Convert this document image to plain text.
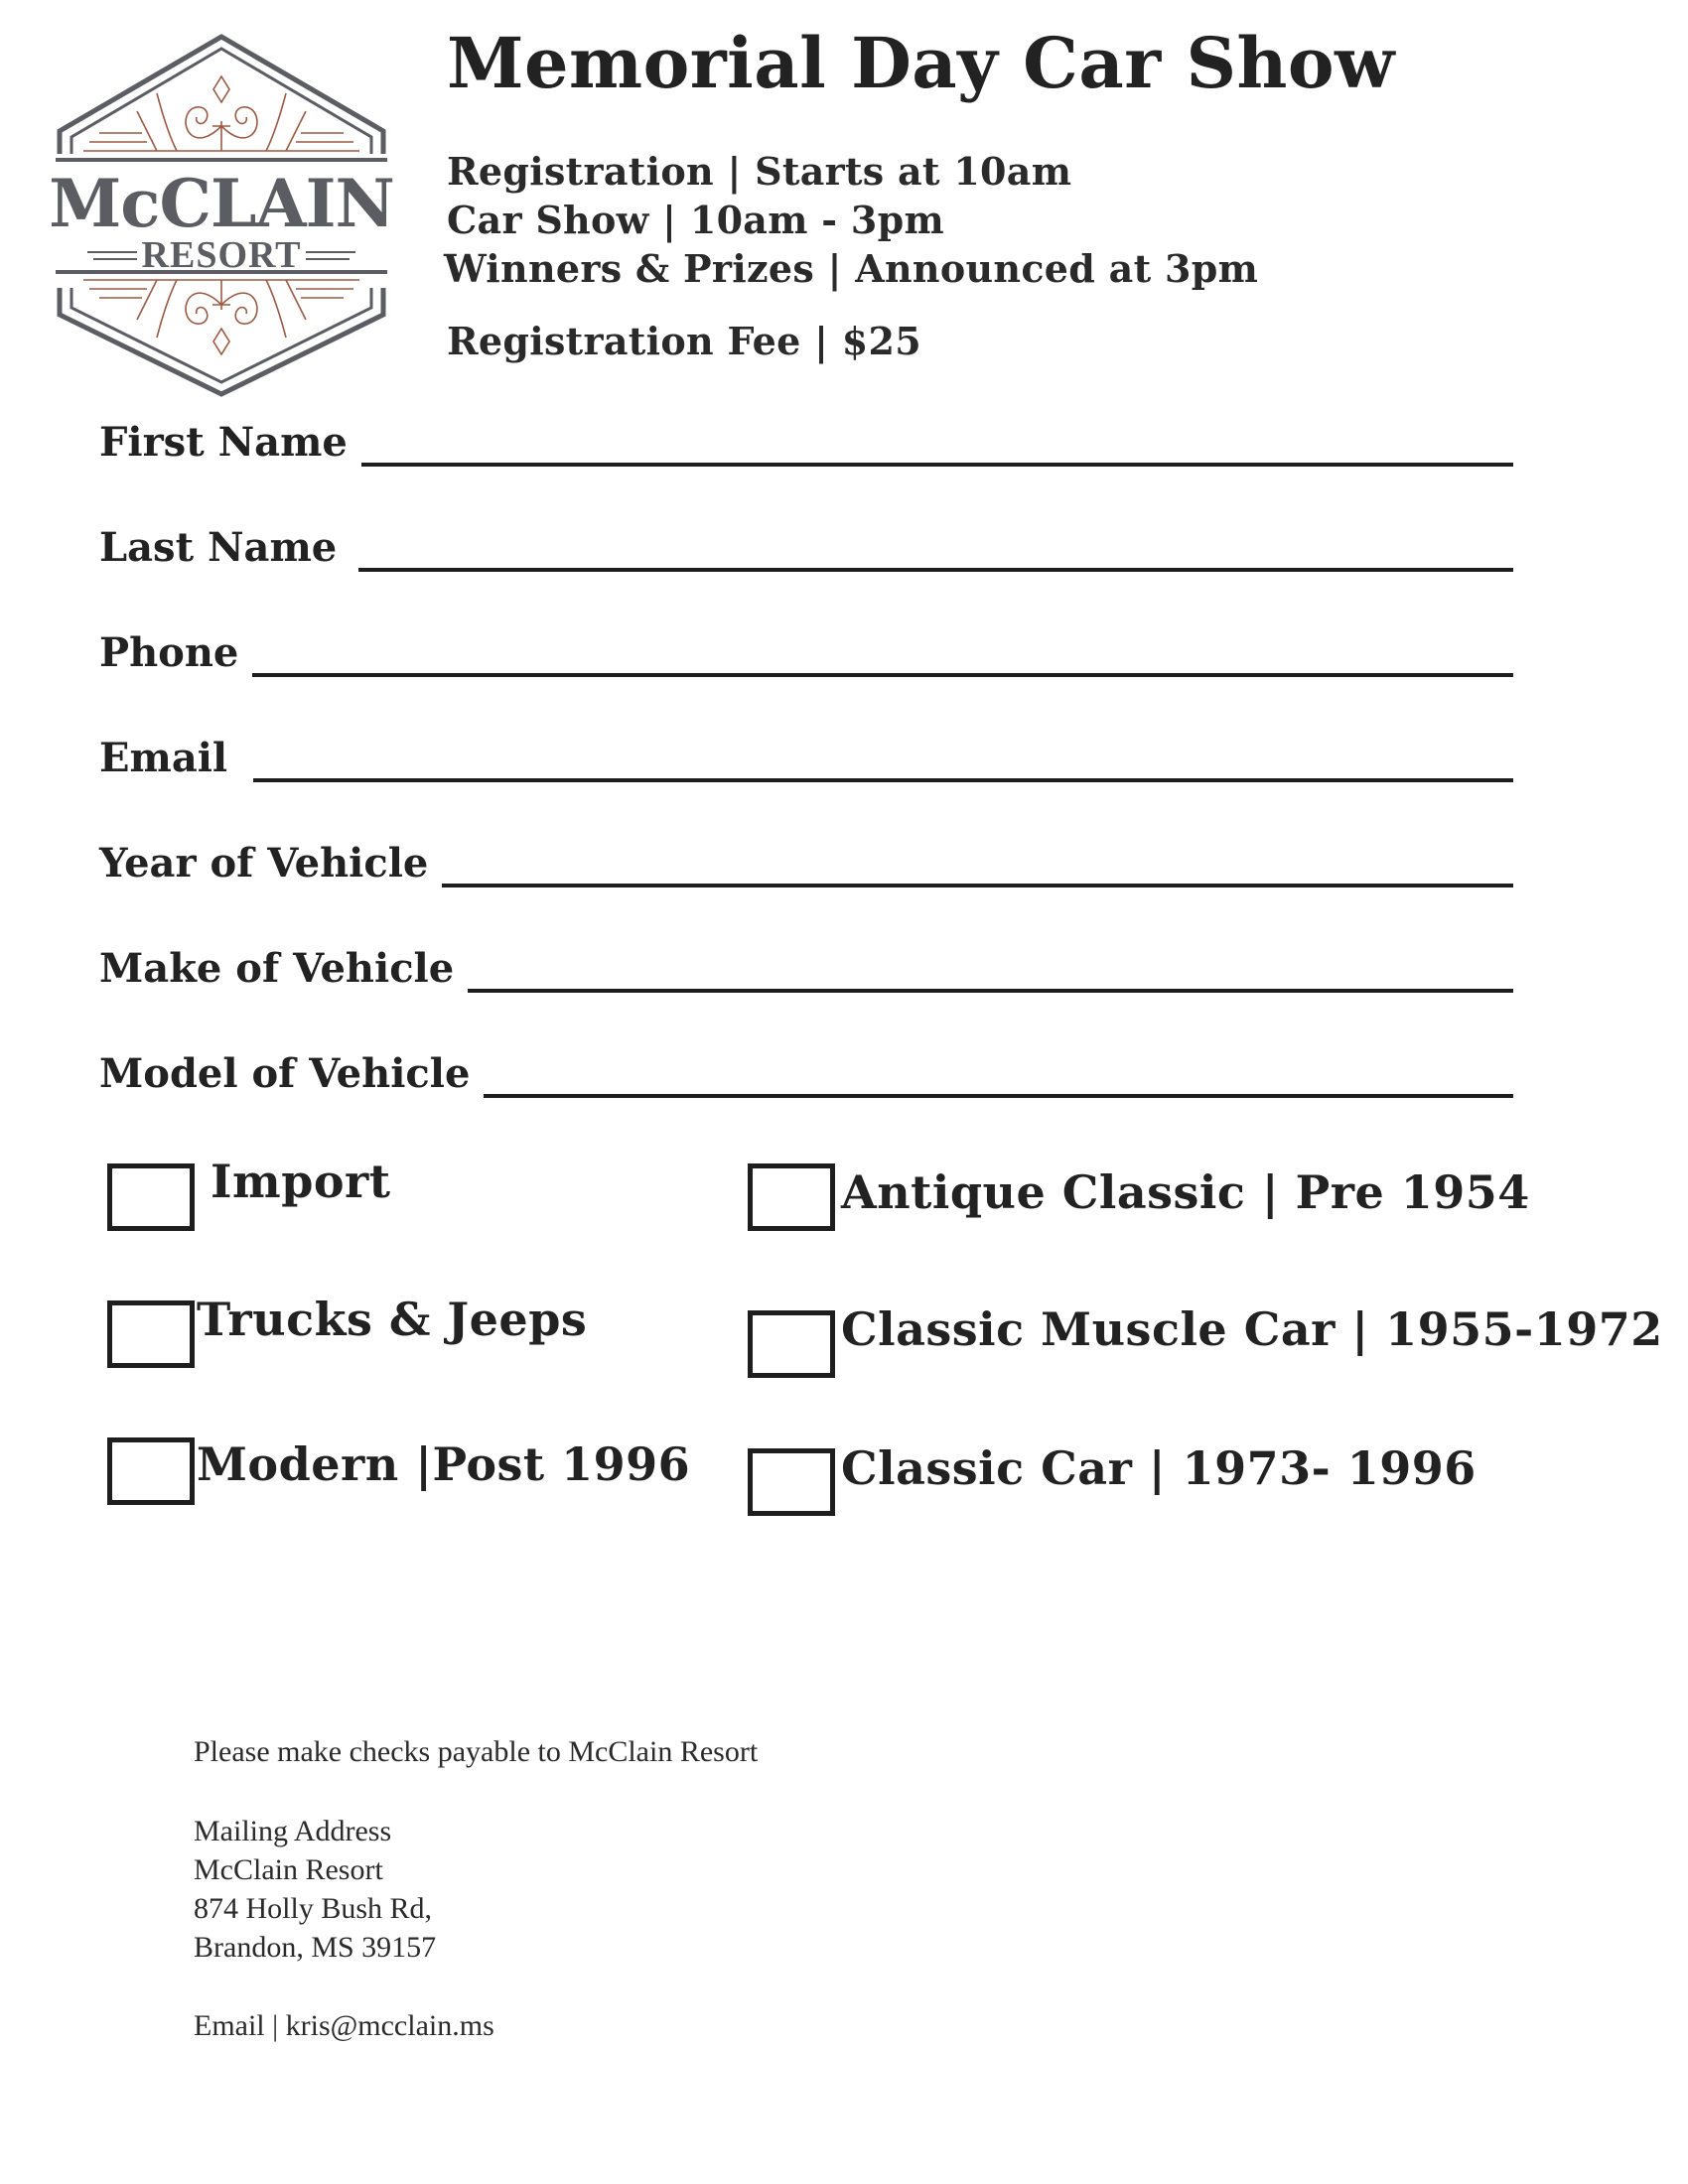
McCLAIN
RESORT
Memorial Day Car Show
Registration | Starts at 10am
Car Show | 10am - 3pm
Winners & Prizes | Announced at 3pm
Registration Fee | $25
First Name
Last Name
Phone
Email
Year of Vehicle
Make of Vehicle
Model of Vehicle
Import
Trucks & Jeeps
Modern |Post 1996
Antique Classic | Pre 1954
Classic Muscle Car | 1955-1972
Classic Car | 1973- 1996
Please make checks payable to McClain Resort
Mailing Address
McClain Resort
874 Holly Bush Rd,
Brandon, MS 39157
Email | kris@mcclain.ms
